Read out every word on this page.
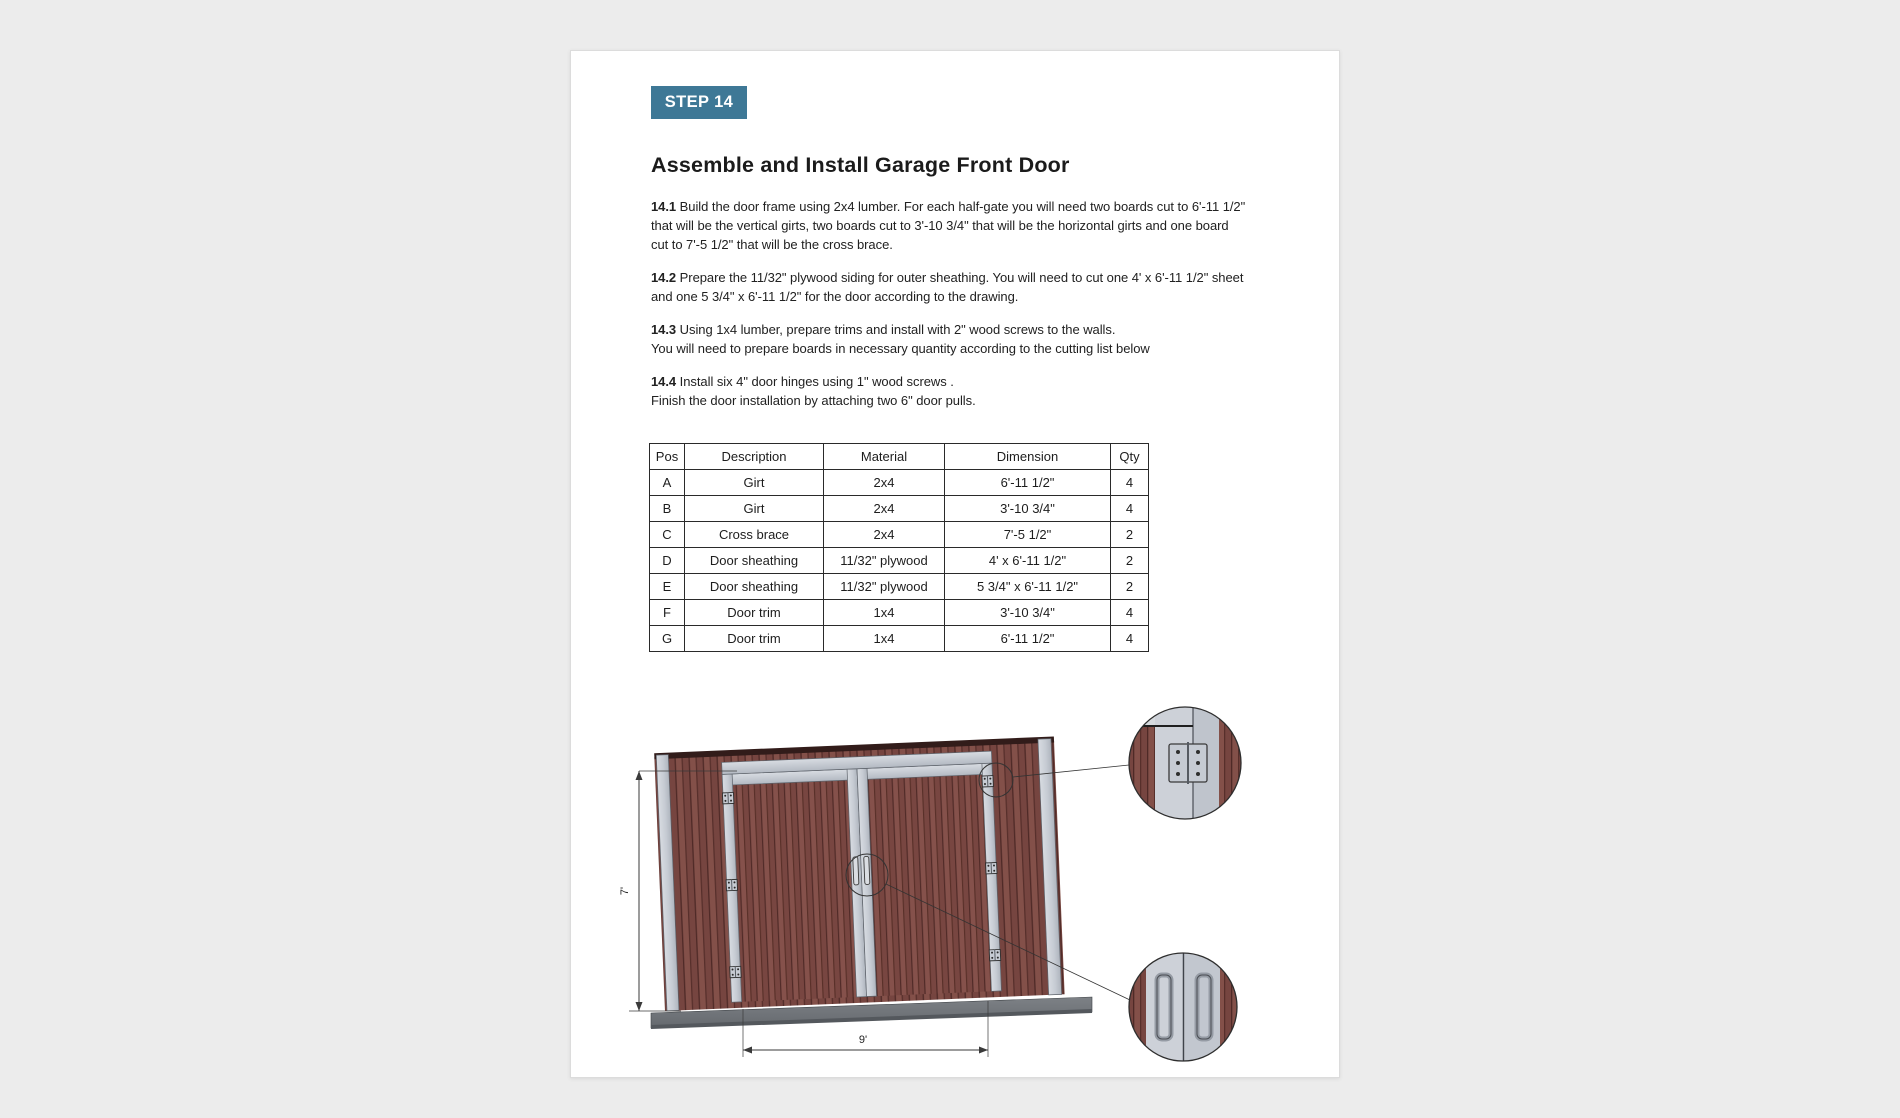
STEP 14
Assemble and Install Garage Front Door
14.1 Build the door frame using 2x4 lumber. For each half-gate you will need two boards cut to 6'-11 1/2"
that will be the vertical girts, two boards cut to 3'-10 3/4" that will be the horizontal girts and one board
cut to 7'-5 1/2" that will be the cross brace.
14.2 Prepare the 11/32" plywood siding for outer sheathing. You will need to cut one 4' x 6'-11 1/2" sheet
and one 5 3/4" x 6'-11 1/2" for the door according to the drawing.
14.3 Using 1x4 lumber, prepare trims and install with 2" wood screws to the walls.
You will need to prepare boards in necessary quantity according to the cutting list below
14.4 Install six 4" door hinges using 1" wood screws .
Finish the door installation by attaching two 6" door pulls.
Pos	Description	Material	Dimension	Qty
A	Girt	2x4	6'-11 1/2"	4
B	Girt	2x4	3'-10 3/4"	4
C	Cross brace	2x4	7'-5 1/2"	2
D	Door sheathing	11/32" plywood	4' x 6'-11 1/2"	2
E	Door sheathing	11/32" plywood	5 3/4" x 6'-11 1/2"	2
F	Door trim	1x4	3'-10 3/4"	4
G	Door trim	1x4	6'-11 1/2"	4
7'
9'
